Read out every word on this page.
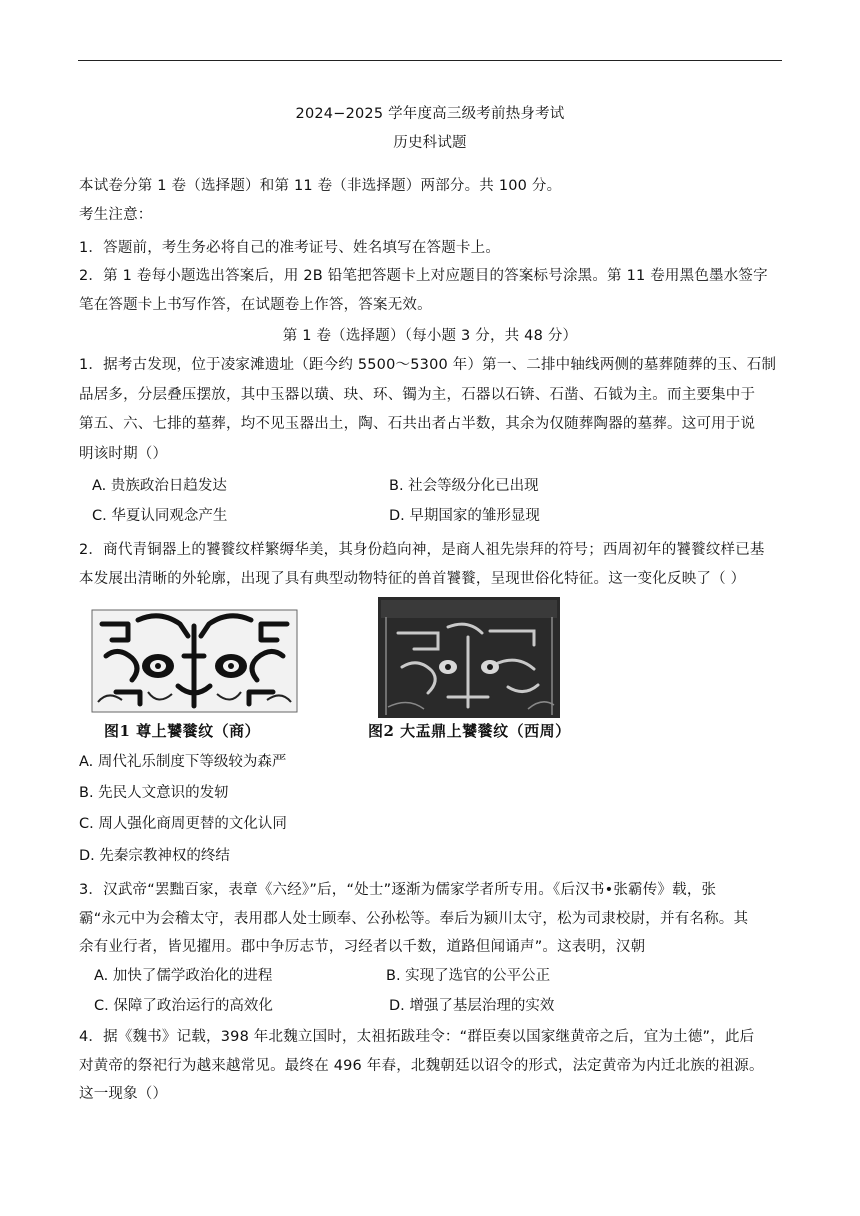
2024−2025 学年度高三级考前热身考试
历史科试题
本试卷分第 1 卷（选择题）和第 11 卷（非选择题）两部分。共 100 分。
考生注意：
1．答题前，考生务必将自己的准考证号、姓名填写在答题卡上。
2．第 1 卷每小题选出答案后，用 2B 铅笔把答题卡上对应题目的答案标号涂黑。第 11 卷用黑色墨水签字
笔在答题卡上书写作答，在试题卷上作答，答案无效。
第 1 卷（选择题）（每小题 3 分，共 48 分）
1．据考古发现，位于凌家滩遗址（距今约 5500～5300 年）第一、二排中轴线两侧的墓葬随葬的玉、石制
品居多，分层叠压摆放，其中玉器以璜、玦、环、镯为主，石器以石锛、石凿、石钺为主。而主要集中于
第五、六、七排的墓葬，均不见玉器出土，陶、石共出者占半数，其余为仅随葬陶器的墓葬。这可用于说
明该时期（）
A. 贵族政治日趋发达	B. 社会等级分化已出现
C. 华夏认同观念产生	D. 早期国家的雏形显现
2．商代青铜器上的饕餮纹样繁缛华美，其身份趋向神，是商人祖先崇拜的符号；西周初年的饕餮纹样已基
本发展出清晰的外轮廓，出现了具有典型动物特征的兽首饕餮，呈现世俗化特征。这一变化反映了（ ）
图1 尊上饕餮纹（商）	图2 大盂鼎上饕餮纹（西周）
A. 周代礼乐制度下等级较为森严
B. 先民人文意识的发轫
C. 周人强化商周更替的文化认同
D. 先秦宗教神权的终结
3．汉武帝“罢黜百家，表章《六经》”后，“处士”逐渐为儒家学者所专用。《后汉书•张霸传》载，张
霸“永元中为会稽太守，表用郡人处士顾奉、公孙松等。奉后为颍川太守，松为司隶校尉，并有名称。其
余有业行者，皆见擢用。郡中争厉志节，习经者以千数，道路但闻诵声”。这表明，汉朝
A. 加快了儒学政治化的进程	B. 实现了选官的公平公正
C. 保障了政治运行的高效化	D. 增强了基层治理的实效
4．据《魏书》记载，398 年北魏立国时，太祖拓跋珪令：“群臣奏以国家继黄帝之后，宜为土德”，此后
对黄帝的祭祀行为越来越常见。最终在 496 年春，北魏朝廷以诏令的形式，法定黄帝为内迁北族的祖源。
这一现象（）
